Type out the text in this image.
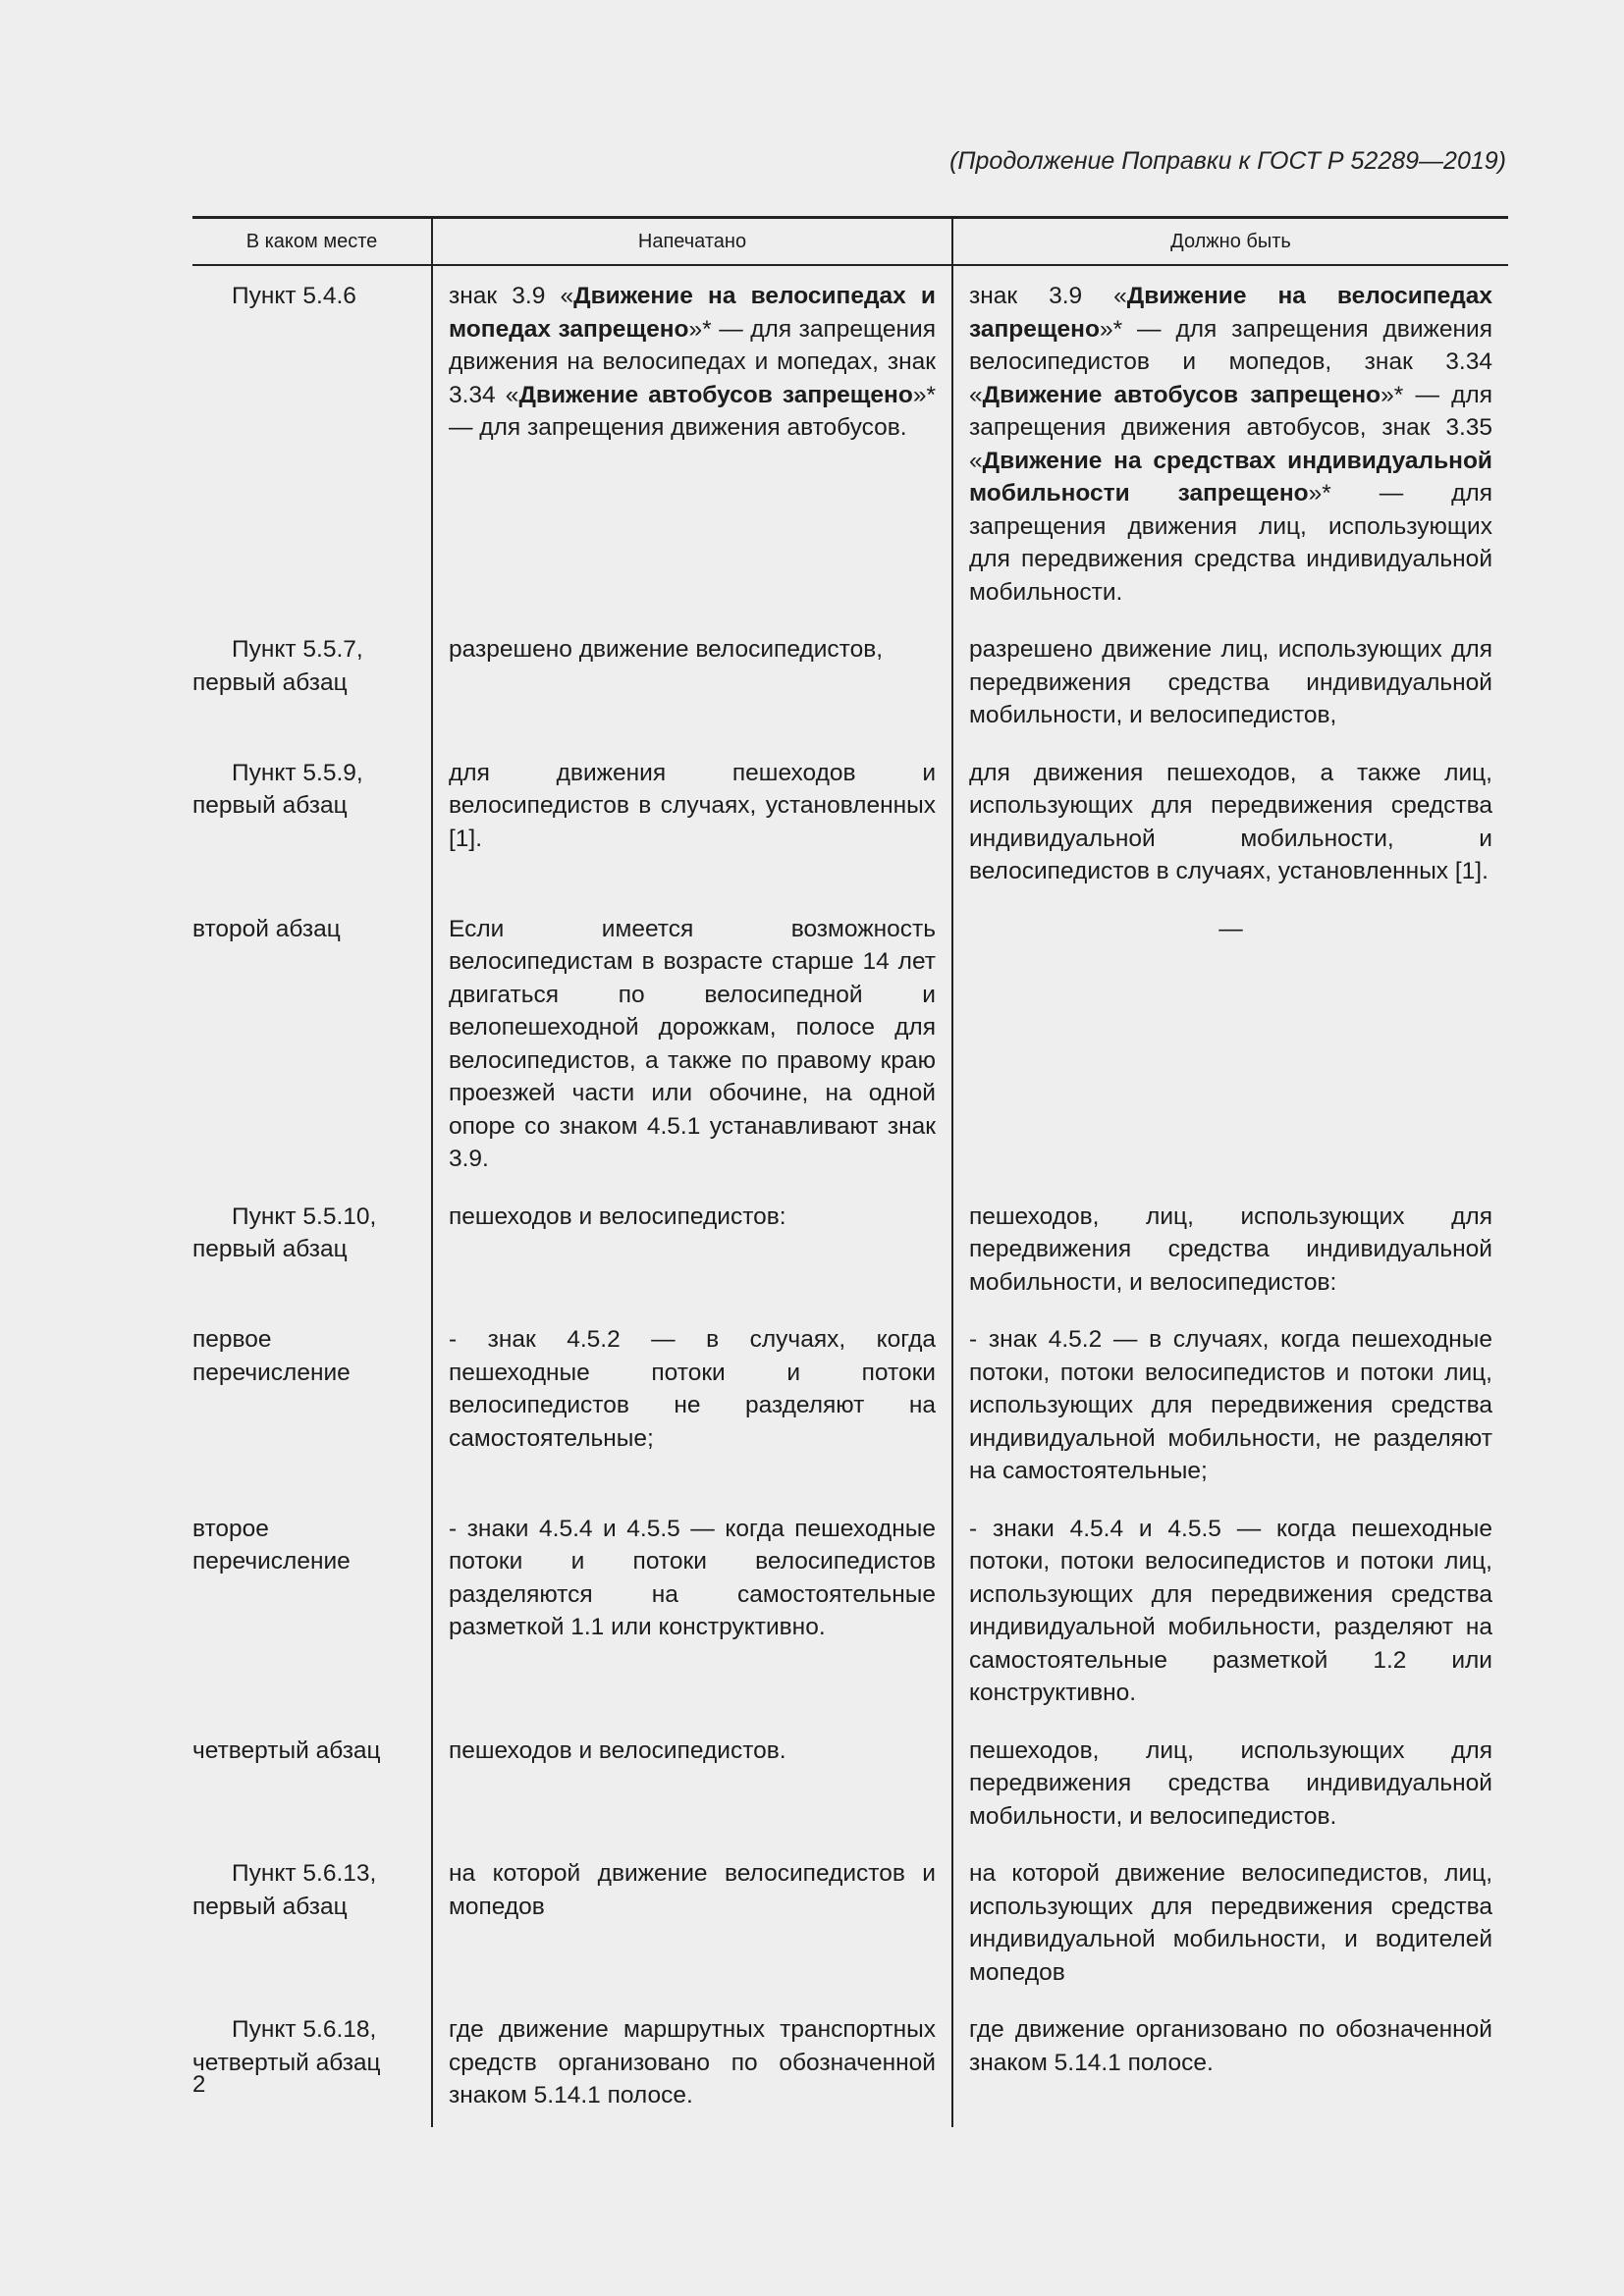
(Продолжение Поправки к ГОСТ Р 52289—2019)
В каком месте	Напечатано	Должно быть
Пункт 5.4.6	знак 3.9 «Движение на велосипедах и мопедах запрещено»* — для запрещения движения на велосипедах и мопедах, знак 3.34 «Движение автобусов запрещено»* — для запрещения движения автобусов.	знак 3.9 «Движение на велосипедах запрещено»* — для запрещения движения велосипедистов и мопедов, знак 3.34 «Движение автобусов запрещено»* — для запрещения движения автобусов, знак 3.35 «Движение на средствах индивидуальной мобильности запрещено»* — для запрещения движения лиц, использующих для передвижения средства индивидуальной мобильности.
Пункт 5.5.7, первый абзац	разрешено движение велосипедистов,	разрешено движение лиц, использующих для передвижения средства индивидуальной мобильности, и велосипедистов,
Пункт 5.5.9, первый абзац	для движения пешеходов и велосипедистов в случаях, установленных [1].	для движения пешеходов, а также лиц, использующих для передвижения средства индивидуальной мобильности, и велосипедистов в случаях, установленных [1].
второй абзац	Если имеется возможность велосипедистам в возрасте старше 14 лет двигаться по велосипедной и велопешеходной дорожкам, полосе для велосипедистов, а также по правому краю проезжей части или обочине, на одной опоре со знаком 4.5.1 устанавливают знак 3.9.	—
Пункт 5.5.10, первый абзац	пешеходов и велосипедистов:	пешеходов, лиц, использующих для передвижения средства индивидуальной мобильности, и велосипедистов:
первое перечисление	- знак 4.5.2 — в случаях, когда пешеходные потоки и потоки велосипедистов не разделяют на самостоятельные;	- знак 4.5.2 — в случаях, когда пешеходные потоки, потоки велосипедистов и потоки лиц, использующих для передвижения средства индивидуальной мобильности, не разделяют на самостоятельные;
второе перечисление	- знаки 4.5.4 и 4.5.5 — когда пешеходные потоки и потоки велосипедистов разделяются на самостоятельные разметкой 1.1 или конструктивно.	- знаки 4.5.4 и 4.5.5 — когда пешеходные потоки, потоки велосипедистов и потоки лиц, использующих для передвижения средства индивидуальной мобильности, разделяют на самостоятельные разметкой 1.2 или конструктивно.
четвертый абзац	пешеходов и велосипедистов.	пешеходов, лиц, использующих для передвижения средства индивидуальной мобильности, и велосипедистов.
Пункт 5.6.13, первый абзац	на которой движение велосипедистов и мопедов	на которой движение велосипедистов, лиц, использующих для передвижения средства индивидуальной мобильности, и водителей мопедов
Пункт 5.6.18, четвертый абзац	где движение маршрутных транспортных средств организовано по обозначенной знаком 5.14.1 полосе.	где движение организовано по обозначенной знаком 5.14.1 полосе.
2
